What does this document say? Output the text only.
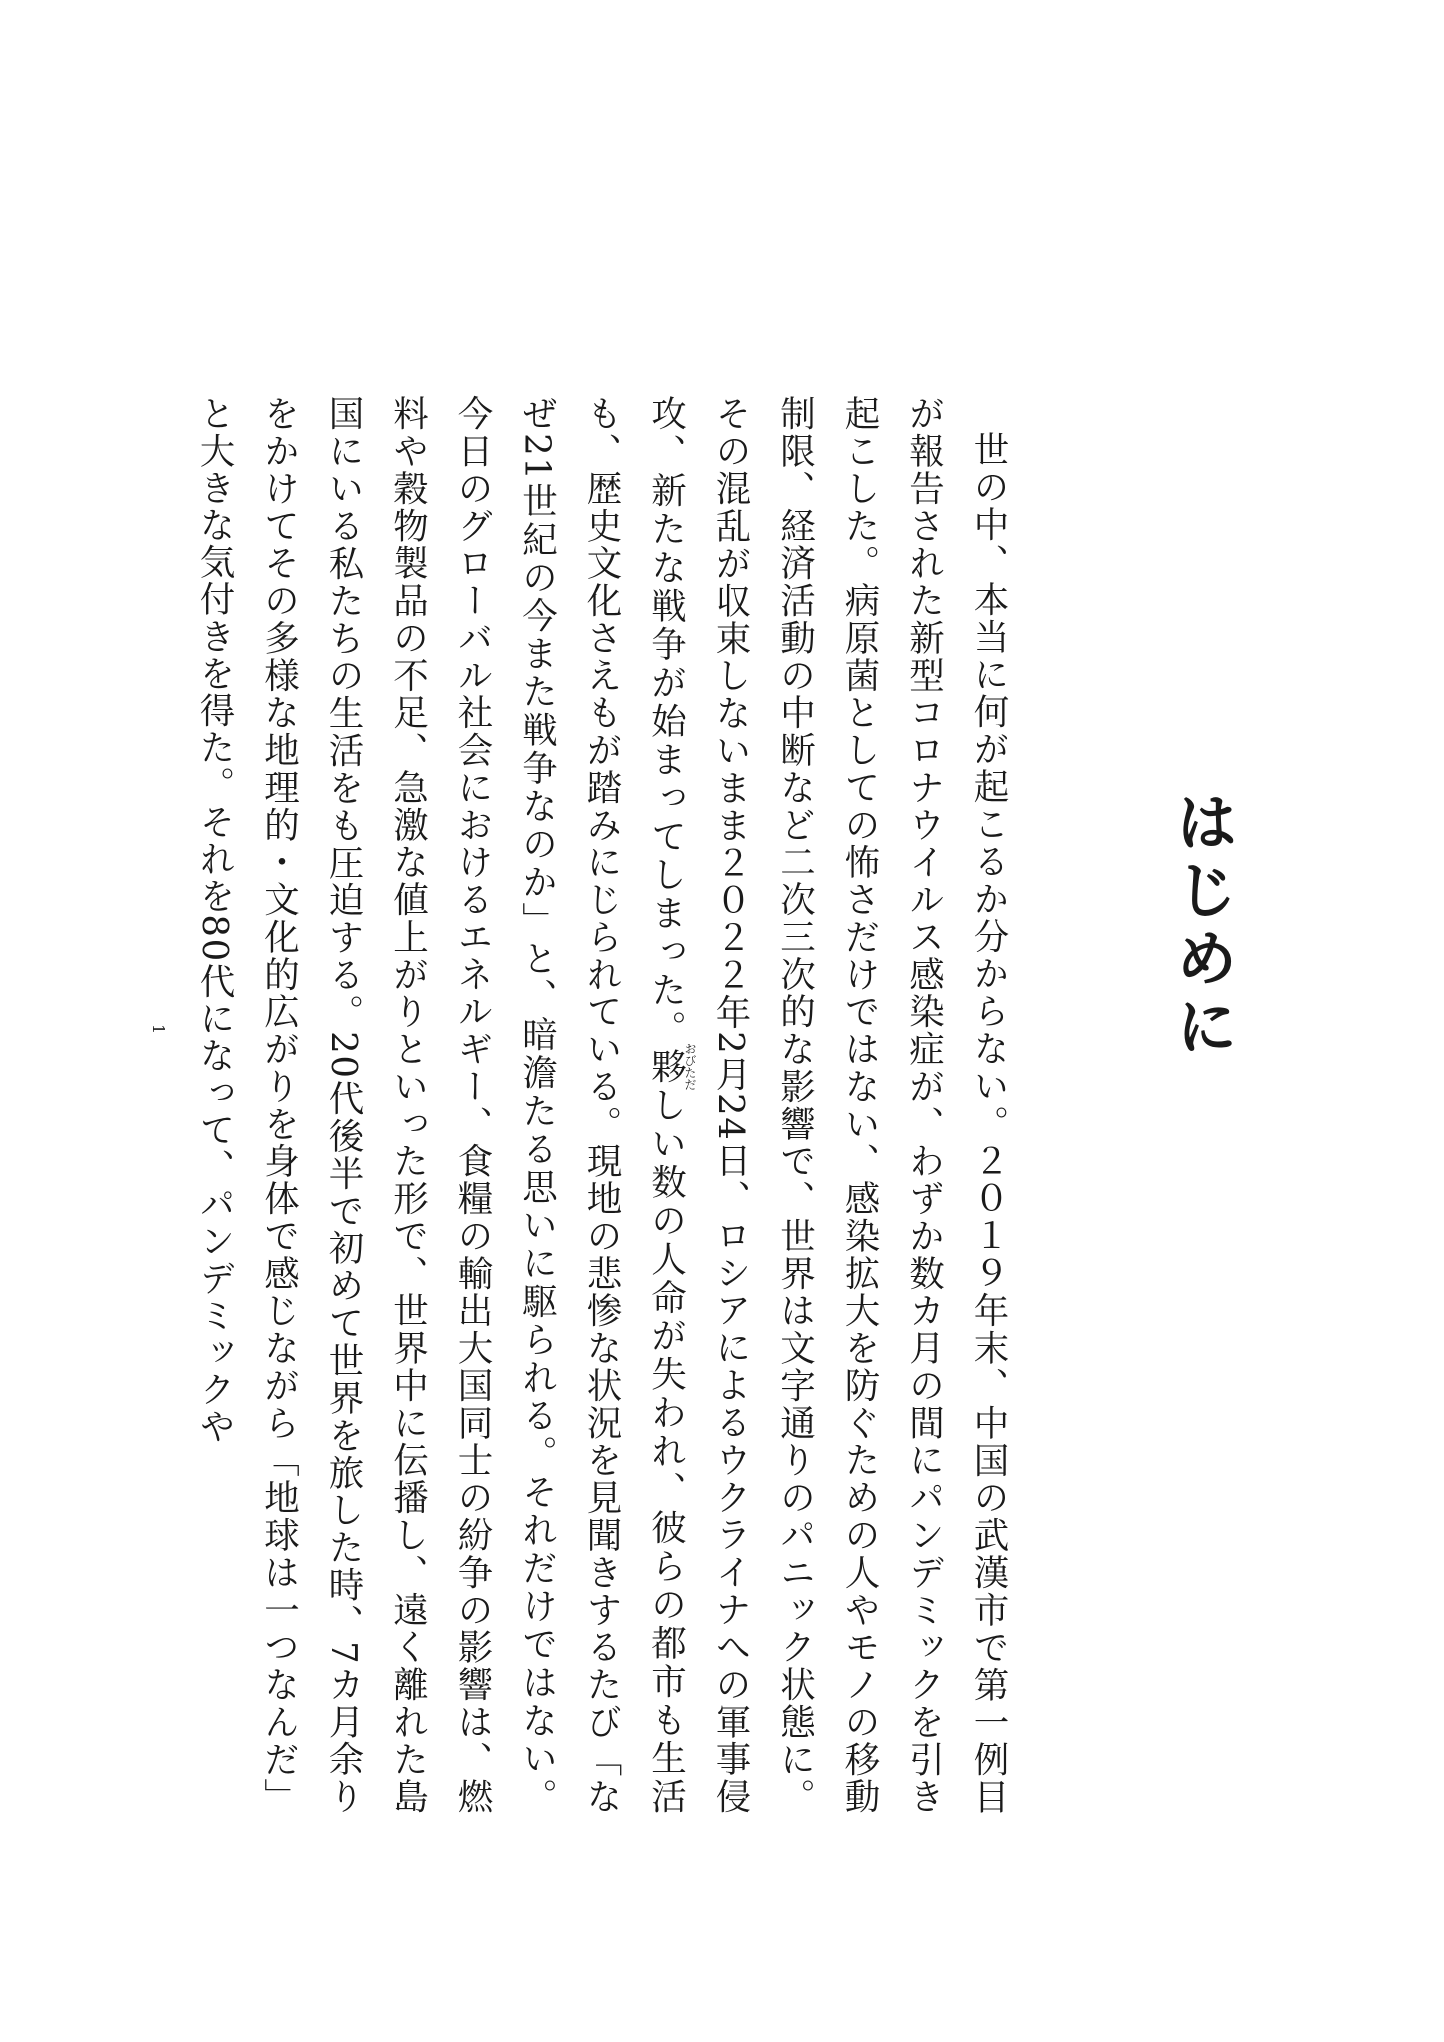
はじめに

世の中、本当に何が起こるか分からない。２０１９年末、中国の武漢市で第一例目が報告された新型コロナウイルス感染症が、わずか数カ月の間にパンデミックを引き起こした。病原菌としての怖さだけではない、感染拡大を防ぐための人やモノの移動制限、経済活動の中断など二次三次的な影響で、世界は文字通りのパニック状態に。その混乱が収束しないまま２０２２年2月24日、ロシアによるウクライナへの軍事侵攻、新たな戦争が始まってしまった。夥おびただしい数の人命が失われ、彼らの都市も生活も、歴史文化さえもが踏みにじられている。現地の悲惨な状況を見聞きするたび「なぜ21世紀の今また戦争なのか」と、暗澹たる思いに駆られる。それだけではない。今日のグローバル社会におけるエネルギー、食糧の輸出大国同士の紛争の影響は、燃料や穀物製品の不足、急激な値上がりといった形で、世界中に伝播し、遠く離れた島国にいる私たちの生活をも圧迫する。20代後半で初めて世界を旅した時、7カ月余りをかけてその多様な地理的・文化的広がりを身体で感じながら「地球は一つなんだ」と大きな気付きを得た。それを80代になって、パンデミックや

1
